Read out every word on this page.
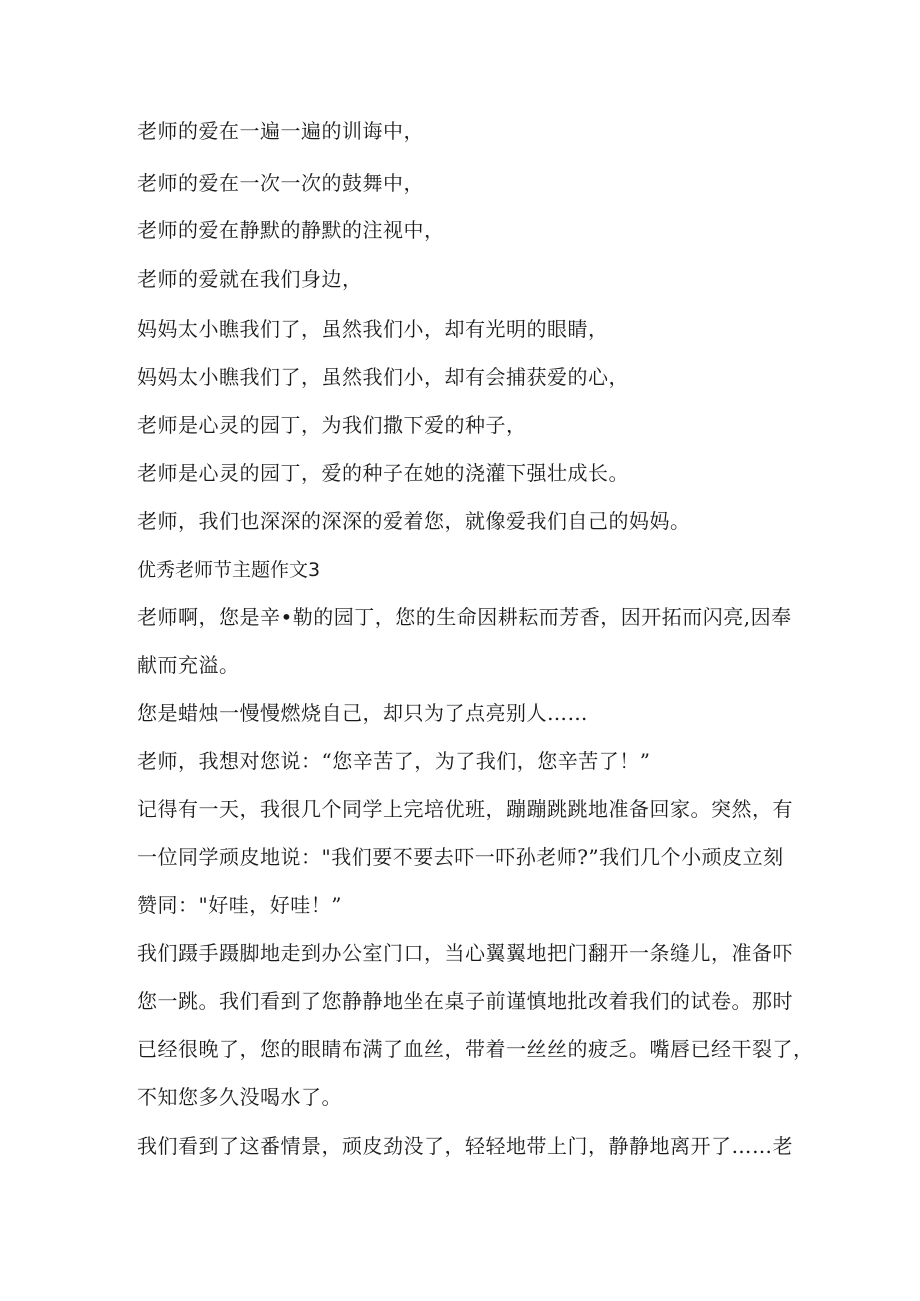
老师的爱在一遍一遍的训诲中，
老师的爱在一次一次的鼓舞中，
老师的爱在静默的静默的注视中，
老师的爱就在我们身边，
妈妈太小瞧我们了，虽然我们小，却有光明的眼睛，
妈妈太小瞧我们了，虽然我们小，却有会捕获爱的心，
老师是心灵的园丁，为我们撒下爱的种子，
老师是心灵的园丁，爱的种子在她的浇灌下强壮成长。
老师，我们也深深的深深的爱着您，就像爱我们自己的妈妈。
优秀老师节主题作文3
老师啊，您是辛•勒的园丁，您的生命因耕耘而芳香，因开拓而闪亮,因奉
献而充溢。
您是蜡烛一慢慢燃烧自己，却只为了点亮别人……
老师，我想对您说：“您辛苦了，为了我们，您辛苦了！”
记得有一天，我很几个同学上完培优班，蹦蹦跳跳地准备回家。突然，有
一位同学顽皮地说："我们要不要去吓一吓孙老师?”我们几个小顽皮立刻
赞同："好哇，好哇！”
我们蹑手蹑脚地走到办公室门口，当心翼翼地把门翻开一条缝儿，准备吓
您一跳。我们看到了您静静地坐在桌子前谨慎地批改着我们的试卷。那时
已经很晚了，您的眼睛布满了血丝，带着一丝丝的疲乏。嘴唇已经干裂了，
不知您多久没喝水了。
我们看到了这番情景，顽皮劲没了，轻轻地带上门，静静地离开了……老
